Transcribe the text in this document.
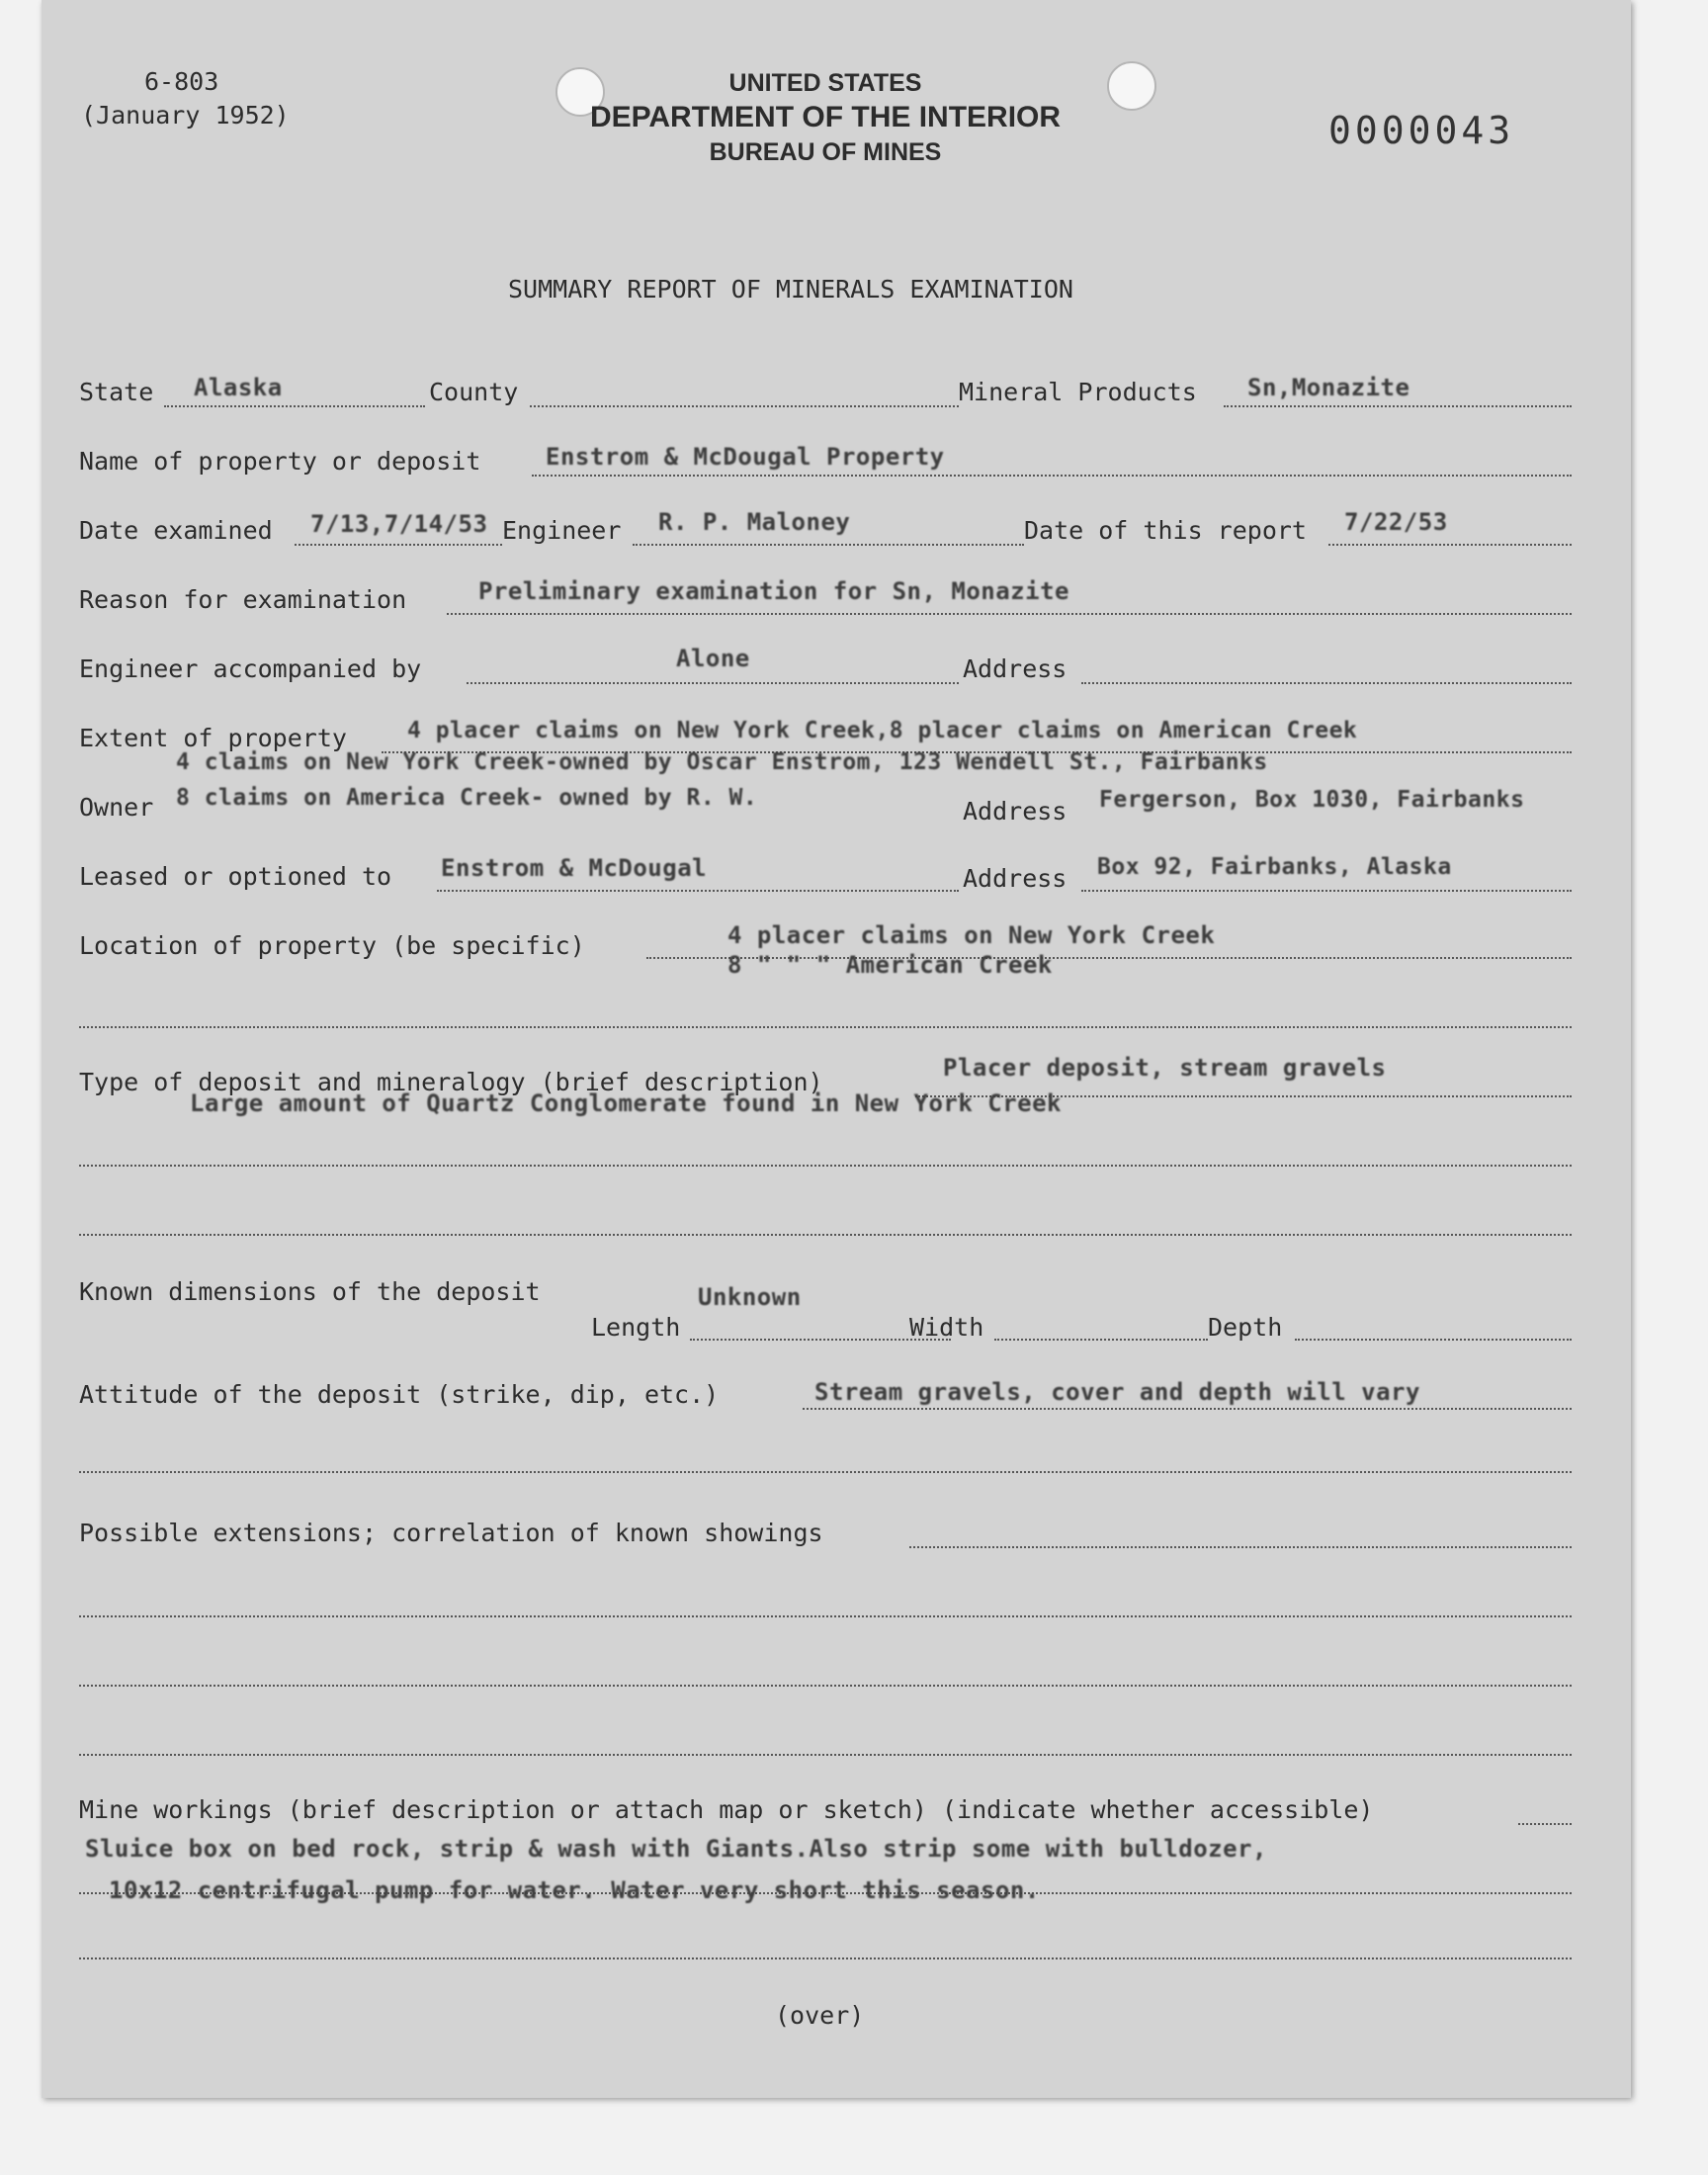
6-803
(January 1952)
UNITED STATES
DEPARTMENT OF THE INTERIOR
BUREAU OF MINES	0000043
SUMMARY REPORT OF MINERALS EXAMINATION
State Alaska	County	Mineral Products Sn,Monazite
Name of property or deposit	Enstrom & McDougal Property
Date examined 7/13,7/14/53 Engineer R. P. Maloney	Date of this report 7/22/53
Reason for examination	Preliminary examination for Sn, Monazite
Engineer accompanied by	Alone	Address
Extent of property	4 placer claims on New York Creek,8 placer claims on American Creek
4 claims on New York Creek-owned by Oscar Enstrom, 123 Wendell St., Fairbanks
Owner 8 claims on America Creek- owned by R. W.	Address Fergerson, Box 1030, Fairbanks
Leased or optioned to Enstrom & McDougal	Address Box 92, Fairbanks, Alaska
Location of property (be specific)	4 placer claims on New York Creek
8 " " " American Creek
Type of deposit and mineralogy (brief description)	Placer deposit, stream gravels
Large amount of Quartz Conglomerate found in New York Creek
Known dimensions of the deposit	Unknown
Length	Width	Depth
Attitude of the deposit (strike, dip, etc.)	Stream gravels, cover and depth will vary
Possible extensions; correlation of known showings
Mine workings (brief description or attach map or sketch) (indicate whether accessible)
Sluice box on bed rock, strip & wash with Giants.Also strip some with bulldozer,
10x12 centrifugal pump for water. Water very short this season.
(over)
